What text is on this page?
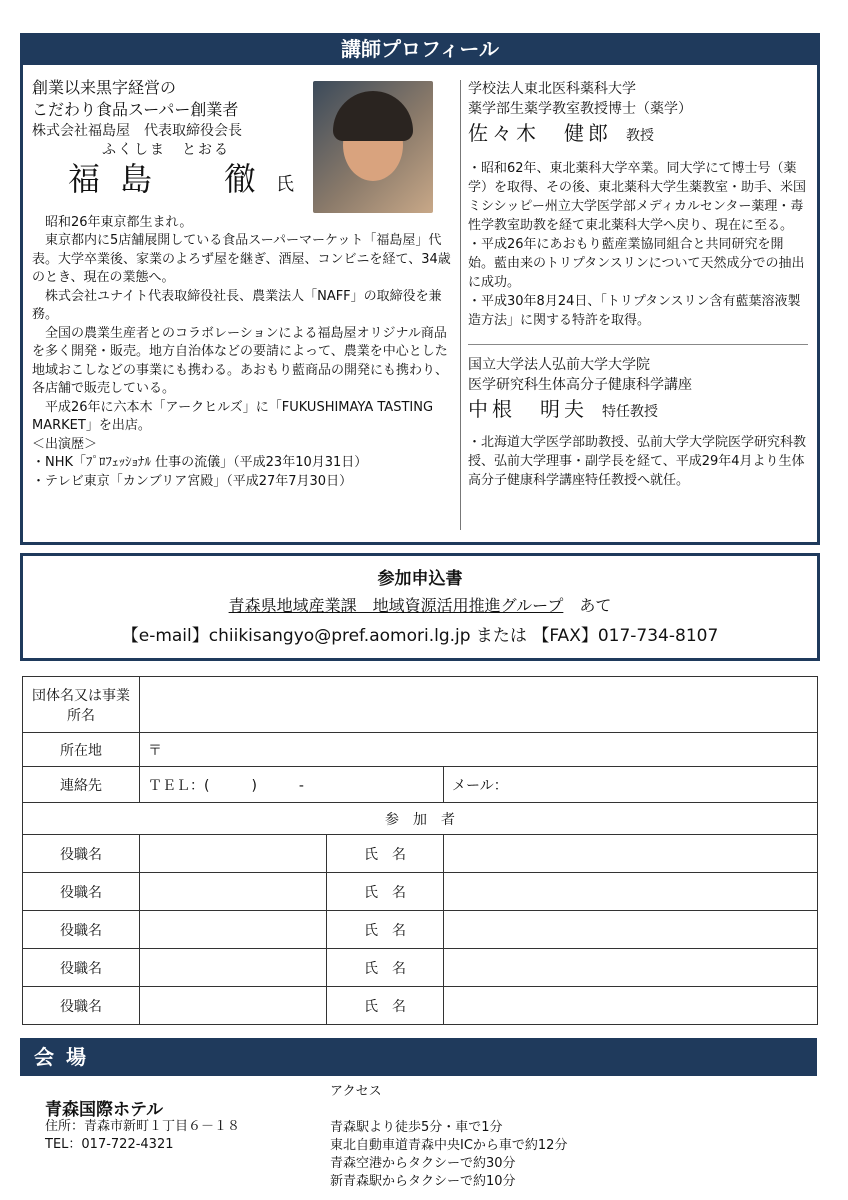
講師プロフィール
創業以来黒字経営の
こだわり食品スーパー創業者
株式会社福島屋　代表取締役会長
ふくしま　とおる
福島　徹氏

昭和26年東京都生まれ。

東京都内に5店舗展開している食品スーパーマーケット「福島屋」代表。大学卒業後、家業のよろず屋を継ぎ、酒屋、コンビニを経て、34歳のとき、現在の業態へ。

株式会社ユナイト代表取締役社長、農業法人「NAFF」の取締役を兼務。

全国の農業生産者とのコラボレーションによる福島屋オリジナル商品を多く開発・販売。地方自治体などの要請によって、農業を中心とした地域おこしなどの事業にも携わる。あおもり藍商品の開発にも携わり、各店舗で販売している。

平成26年に六本木「アークヒルズ」に「FUKUSHIMAYA TASTING　MARKET」を出店。

＜出演歴＞

・NHK「ﾌﾟﾛﾌｪｯｼｮﾅﾙ 仕事の流儀」（平成23年10月31日）

・テレビ東京「カンブリア宮殿」（平成27年7月30日）

学校法人東北医科薬科大学
薬学部生薬学教室教授博士（薬学）
佐々木　健郎 教授

・昭和62年、東北薬科大学卒業。同大学にて博士号（薬学）を取得、その後、東北薬科大学生薬教室・助手、米国ミシシッピー州立大学医学部メディカルセンター薬理・毒性学教室助教を経て東北薬科大学へ戻り、現在に至る。

・平成26年にあおもり藍産業協同組合と共同研究を開始。藍由来のトリプタンスリンについて天然成分での抽出に成功。

・平成30年8月24日、「トリプタンスリン含有藍葉溶液製造方法」に関する特許を取得。

国立大学法人弘前大学大学院
医学研究科生体高分子健康科学講座
中根　明夫 特任教授

・北海道大学医学部助教授、弘前大学大学院医学研究科教授、弘前大学理事・副学長を経て、平成29年4月より生体高分子健康科学講座特任教授へ就任。

参加申込書
青森県地域産業課　地域資源活用推進グループ　 あて
【e-mail】chiikisangyo@pref.aomori.lg.jp または 【FAX】017-734-8107
団体名又は事業所名			
所在地	〒		
連絡先	ＴＥＬ：(　　　)　　　-		メール：
参　加　者			
役職名		氏　名	
役職名		氏　名	
役職名		氏　名	
役職名		氏　名	
役職名		氏　名	
会場
青森国際ホテル
住所：青森市新町１丁目６－１８
TEL：017-722-4321
アクセス
青森駅より徒歩5分・車で1分
東北自動車道青森中央ICから車で約12分
青森空港からタクシーで約30分
新青森駅からタクシーで約10分
